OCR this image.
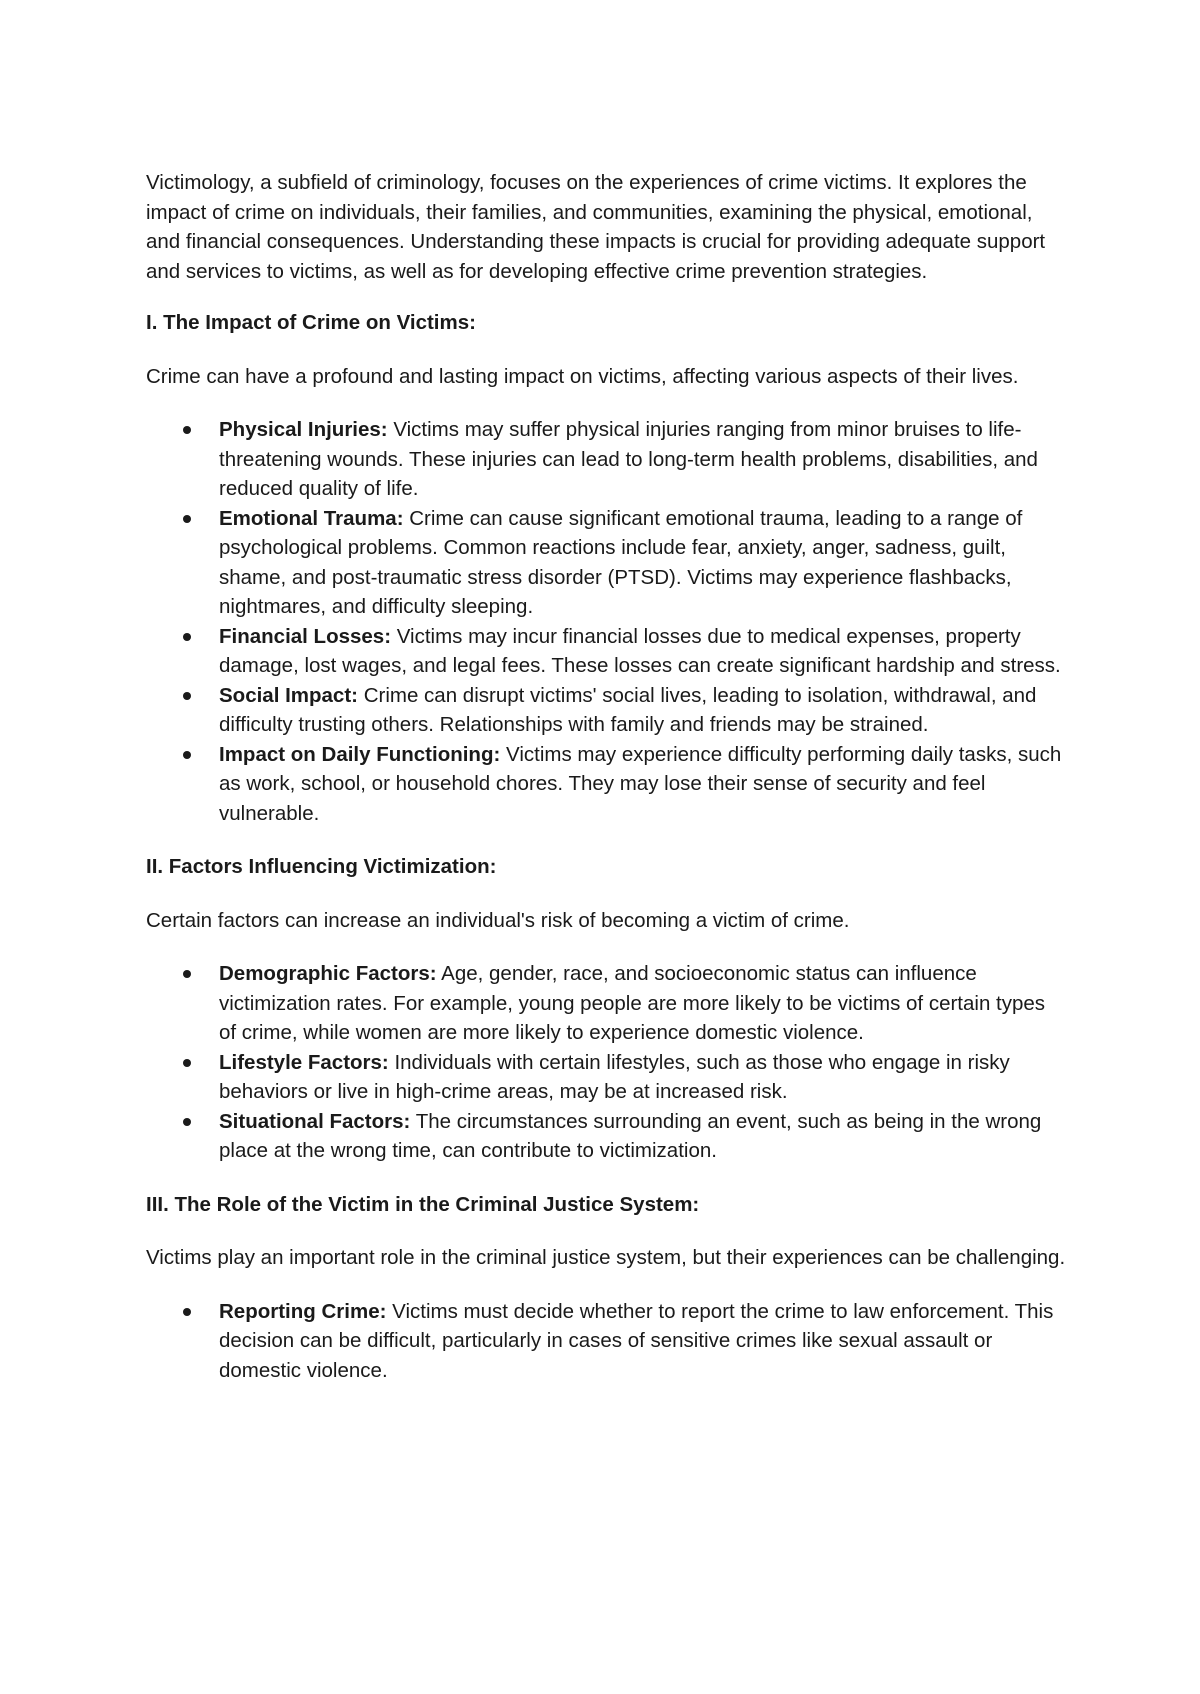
Victimology, a subfield of criminology, focuses on the experiences of crime victims. It explores the impact of crime on individuals, their families, and communities, examining the physical, emotional, and financial consequences. Understanding these impacts is crucial for providing adequate support and services to victims, as well as for developing effective crime prevention strategies.

I. The Impact of Crime on Victims:

Crime can have a profound and lasting impact on victims, affecting various aspects of their lives.

Physical Injuries: Victims may suffer physical injuries ranging from minor bruises to life-threatening wounds. These injuries can lead to long-term health problems, disabilities, and reduced quality of life.
Emotional Trauma: Crime can cause significant emotional trauma, leading to a range of psychological problems. Common reactions include fear, anxiety, anger, sadness, guilt, shame, and post-traumatic stress disorder (PTSD). Victims may experience flashbacks, nightmares, and difficulty sleeping.
Financial Losses: Victims may incur financial losses due to medical expenses, property damage, lost wages, and legal fees. These losses can create significant hardship and stress.
Social Impact: Crime can disrupt victims' social lives, leading to isolation, withdrawal, and difficulty trusting others. Relationships with family and friends may be strained.
Impact on Daily Functioning: Victims may experience difficulty performing daily tasks, such as work, school, or household chores. They may lose their sense of security and feel vulnerable.

II. Factors Influencing Victimization:

Certain factors can increase an individual's risk of becoming a victim of crime.

Demographic Factors: Age, gender, race, and socioeconomic status can influence victimization rates. For example, young people are more likely to be victims of certain types of crime, while women are more likely to experience domestic violence.
Lifestyle Factors: Individuals with certain lifestyles, such as those who engage in risky behaviors or live in high-crime areas, may be at increased risk.
Situational Factors: The circumstances surrounding an event, such as being in the wrong place at the wrong time, can contribute to victimization.

III. The Role of the Victim in the Criminal Justice System:

Victims play an important role in the criminal justice system, but their experiences can be challenging.

Reporting Crime: Victims must decide whether to report the crime to law enforcement. This decision can be difficult, particularly in cases of sensitive crimes like sexual assault or domestic violence.
